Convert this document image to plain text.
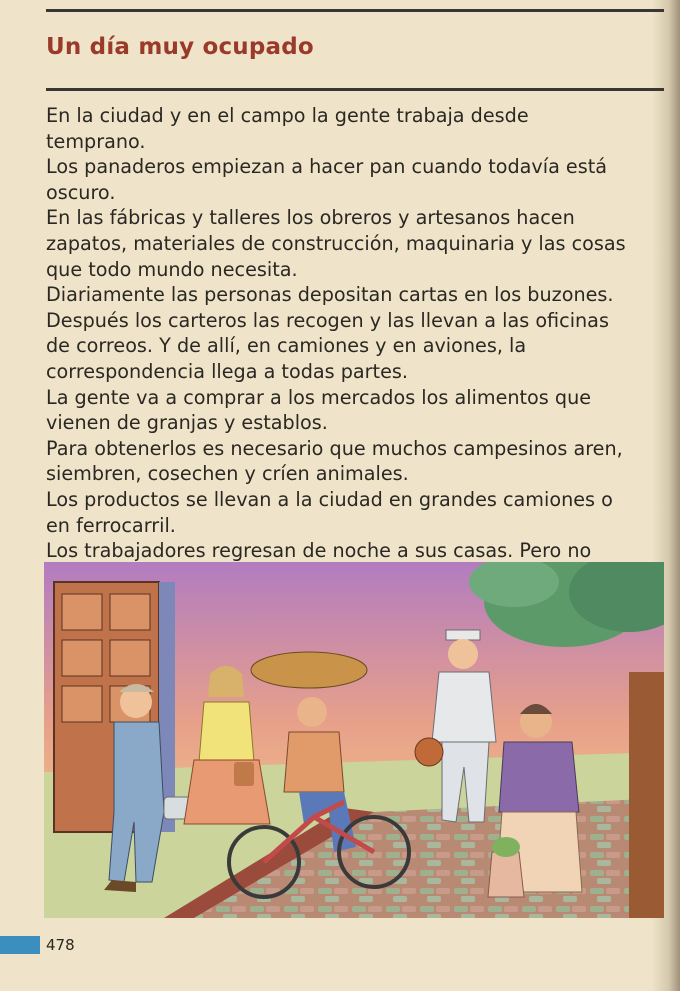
Un día muy ocupado

En la ciudad y en el campo la gente trabaja desde
temprano.

Los panaderos empiezan a hacer pan cuando todavía está
oscuro.

En las fábricas y talleres los obreros y artesanos hacen
zapatos, materiales de construcción, maquinaria y las cosas
que todo mundo necesita.

Diariamente las personas depositan cartas en los buzones.
Después los carteros las recogen y las llevan a las oficinas
de correos. Y de allí, en camiones y en aviones, la
correspondencia llega a todas partes.

La gente va a comprar a los mercados los alimentos que
vienen de granjas y establos.

Para obtenerlos es necesario que muchos campesinos aren,
siembren, cosechen y críen animales.

Los productos se llevan a la ciudad en grandes camiones o
en ferrocarril.

Los trabajadores regresan de noche a sus casas. Pero no

478
